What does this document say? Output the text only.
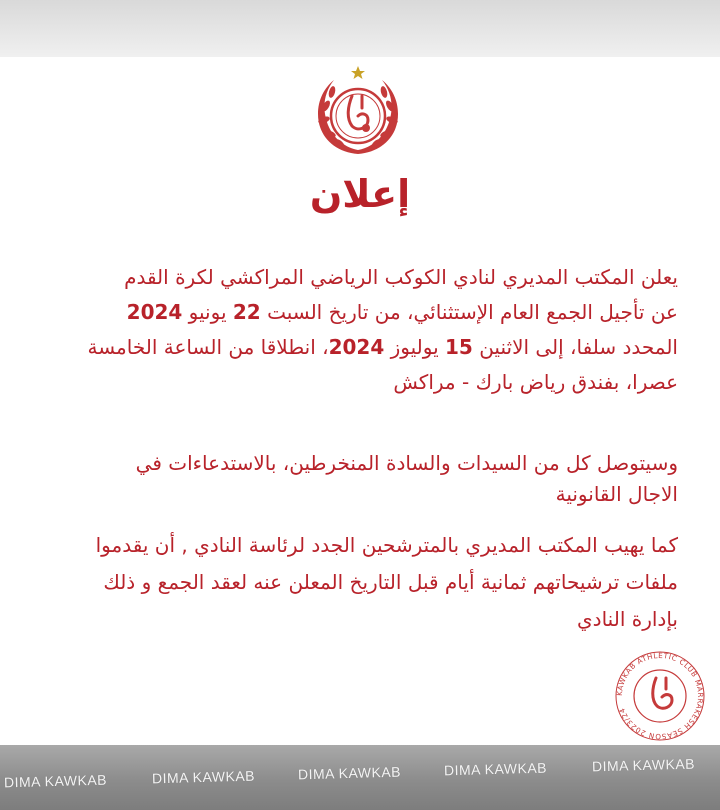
إعلان
يعلن المكتب المديري لنادي الكوكب الرياضي المراكشي لكرة القدم
عن تأجيل الجمع العام الإستثنائي، من تاريخ السبت 22 يونيو 2024
المحدد سلفا، إلى الاثنين 15 يوليوز 2024، انطلاقا من الساعة الخامسة
عصرا، بفندق رياض بارك - مراكش
وسيتوصل كل من السيدات والسادة المنخرطين، بالاستدعاءات في
الاجال القانونية
كما يهيب المكتب المديري بالمترشحين الجدد لرئاسة النادي , أن يقدموا
ملفات ترشيحاتهم ثمانية أيام قبل التاريخ المعلن عنه لعقد الجمع و ذلك
بإدارة النادي
KAWKAB ATHLETIC CLUB MARRAKESH SEASON 2023/24
DIMA KAWKAB	DIMA KAWKAB	DIMA KAWKAB	DIMA KAWKAB	DIMA KAWKAB
